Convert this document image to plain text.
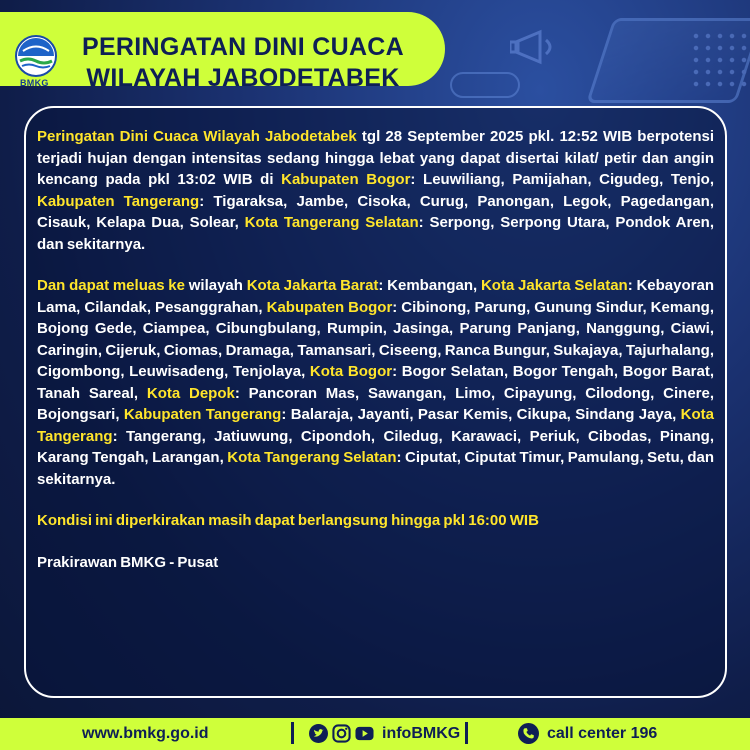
BMKG
PERINGATAN DINI CUACA
WILAYAH JABODETABEK

Peringatan Dini Cuaca Wilayah Jabodetabek tgl 28 September 2025 pkl. 12:52 WIB berpotensi terjadi hujan dengan intensitas sedang hingga lebat yang dapat disertai kilat/ petir dan angin kencang pada pkl 13:02 WIB di Kabupaten Bogor: Leuwiliang, Pamijahan, Cigudeg, Tenjo, Kabupaten Tangerang: Tigaraksa, Jambe, Cisoka, Curug, Panongan, Legok, Pagedangan, Cisauk, Kelapa Dua, Solear, Kota Tangerang Selatan: Serpong, Serpong Utara, Pondok Aren, dan sekitarnya.

Dan dapat meluas ke wilayah Kota Jakarta Barat: Kembangan, Kota Jakarta Selatan: Kebayoran Lama, Cilandak, Pesanggrahan, Kabupaten Bogor: Cibinong, Parung, Gunung Sindur, Kemang, Bojong Gede, Ciampea, Cibungbulang, Rumpin, Jasinga, Parung Panjang, Nanggung, Ciawi, Caringin, Cijeruk, Ciomas, Dramaga, Tamansari, Ciseeng, Ranca Bungur, Sukajaya, Tajurhalang, Cigombong, Leuwisadeng, Tenjolaya, Kota Bogor: Bogor Selatan, Bogor Tengah, Bogor Barat, Tanah Sareal, Kota Depok: Pancoran Mas, Sawangan, Limo, Cipayung, Cilodong, Cinere, Bojongsari, Kabupaten Tangerang: Balaraja, Jayanti, Pasar Kemis, Cikupa, Sindang Jaya, Kota Tangerang: Tangerang, Jatiuwung, Cipondoh, Ciledug, Karawaci, Periuk, Cibodas, Pinang, Karang Tengah, Larangan, Kota Tangerang Selatan: Ciputat, Ciputat Timur, Pamulang, Setu, dan sekitarnya.

Kondisi ini diperkirakan masih dapat berlangsung hingga pkl 16:00 WIB

Prakirawan BMKG - Pusat

www.bmkg.go.id	infoBMKG	call center 196
